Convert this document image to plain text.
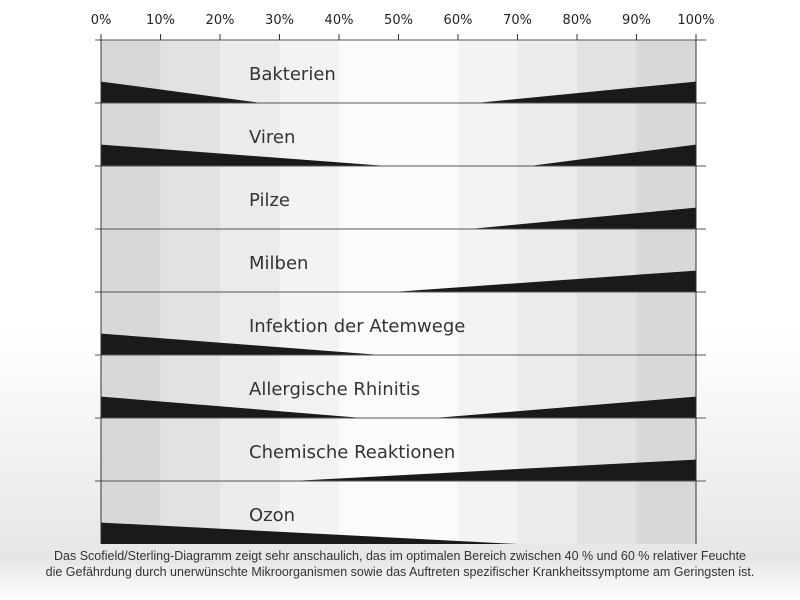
0%	10% 20% 30% 40% 50% 60% 70% 80% 90% 100%
Bakterien
Viren
Pilze
Milben
Infektion der Atemwege
Allergische Rhinitis
Chemische Reaktionen
Ozon
Das Scofield/Sterling-Diagramm zeigt sehr anschaulich, das im optimalen Bereich zwischen 40 % und 60 % relativer Feuchte
die Gefährdung durch unerwünschte Mikroorganismen sowie das Auftreten spezifischer Krankheitssymptome am Geringsten ist.
